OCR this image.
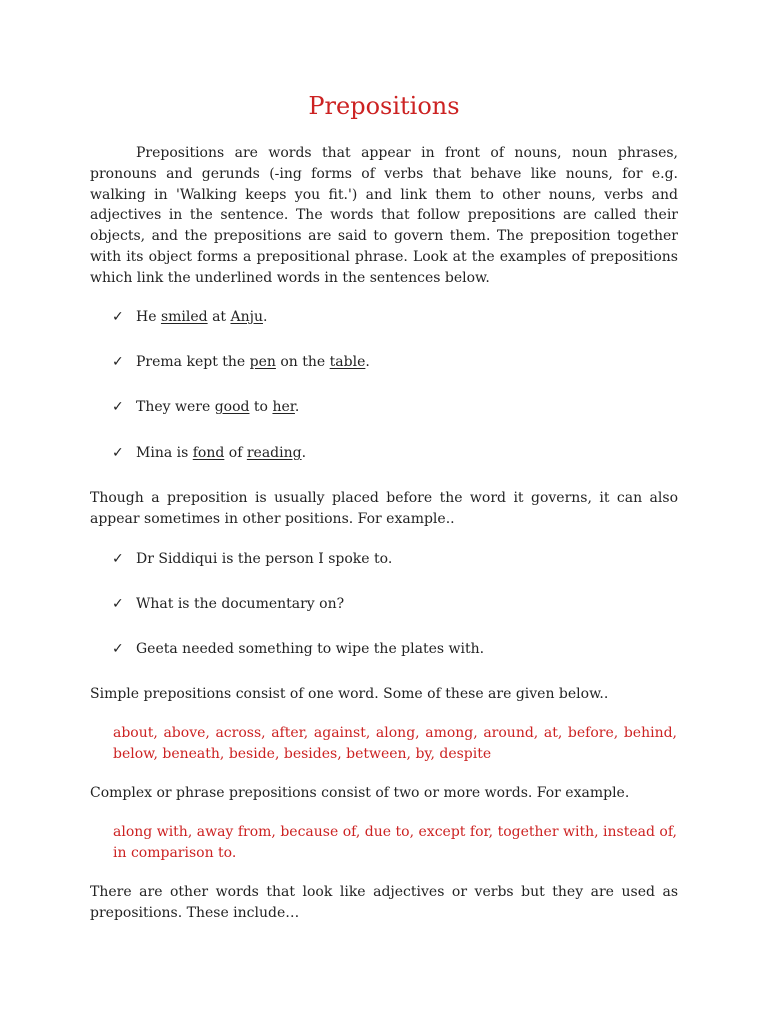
Prepositions

Prepositions are words that appear in front of nouns, noun phrases, pronouns and gerunds (-ing forms of verbs that behave like nouns, for e.g. walking in 'Walking keeps you fit.') and link them to other nouns, verbs and adjectives in the sentence. The words that follow prepositions are called their objects, and the prepositions are said to govern them. The preposition together with its object forms a prepositional phrase. Look at the examples of prepositions which link the underlined words in the sentences below.

✓ He smiled at Anju.
✓ Prema kept the pen on the table.
✓ They were good to her.
✓ Mina is fond of reading.

Though a preposition is usually placed before the word it governs, it can also appear sometimes in other positions. For example..

✓ Dr Siddiqui is the person I spoke to.
✓ What is the documentary on?
✓ Geeta needed something to wipe the plates with.

Simple prepositions consist of one word. Some of these are given below..

about, above, across, after, against, along, among, around, at, before, behind, below, beneath, beside, besides, between, by, despite

Complex or phrase prepositions consist of two or more words. For example.

along with, away from, because of, due to, except for, together with, instead of, in comparison to.

There are other words that look like adjectives or verbs but they are used as prepositions. These include…
